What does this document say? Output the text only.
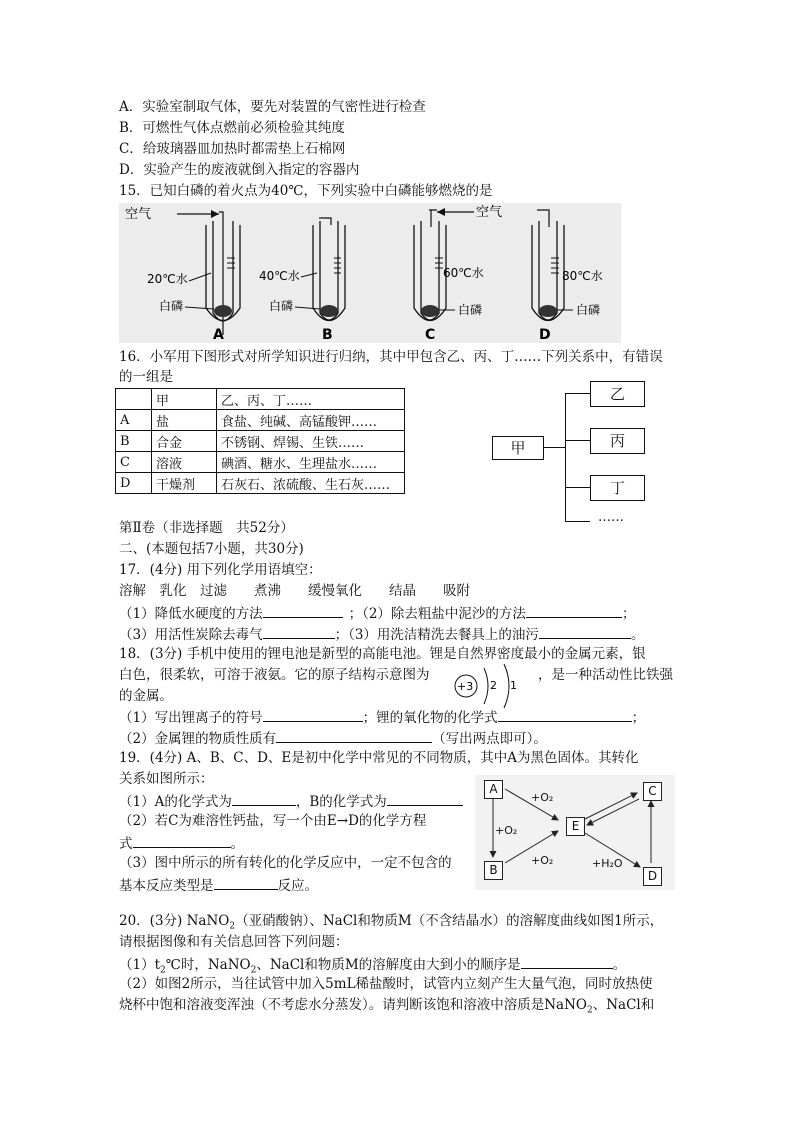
A．实验室制取气体，要先对装置的气密性进行检查
B．可燃性气体点燃前必须检验其纯度
C．给玻璃器皿加热时都需垫上石棉网
D．实验产生的废液就倒入指定的容器内
15．已知白磷的着火点为40℃，下列实验中白磷能够燃烧的是
空气
20℃水
白磷
A
40℃水
白磷
B
空气
60℃水
白磷
C
80℃水
白磷
D
16．小军用下图形式对所学知识进行归纳，其中甲包含乙、丙、丁……下列关系中，有错误
的一组是
	甲	乙、丙、丁……
A	盐	食盐、纯碱、高锰酸钾……
B	合金	不锈钢、焊锡、生铁……
C	溶液	碘酒、糖水、生理盐水……
D	干燥剂	石灰石、浓硫酸、生石灰……
甲
乙
丙
丁
……
第Ⅱ卷（非选择题　共52分）
二、(本题包括7小题，共30分)
17．(4分) 用下列化学用语填空：
溶解　乳化　过滤　　煮沸　　缓慢氧化　　结晶　　吸附
（1）降低水硬度的方法	；（2）除去粗盐中泥沙的方法	；
（3）用活性炭除去毒气	；（3）用洗洁精洗去餐具上的油污	。
18．(3分) 手机中使用的锂电池是新型的高能电池。锂是自然界密度最小的金属元素，银
白色，很柔软，可溶于液氨。它的原子结构示意图为	，是一种活动性比铁强
的金属。
+3 2 1
（1）写出锂离子的符号	；锂的氧化物的化学式	；
（2）金属锂的物质性质有	（写出两点即可）。
19．(4分) A、B、C、D、E是初中化学中常见的不同物质，其中A为黑色固体。其转化
关系如图所示：
（1）A的化学式为	，B的化学式为
（2）若C为难溶性钙盐，写一个由E→D的化学方程
式	。
（3）图中所示的所有转化的化学反应中，一定不包含的
基本反应类型是	反应。
A
B
C
D
E
+O₂
+O₂
+O₂	+H₂O
20．(3分) NaNO$_2$（亚硝酸钠）、NaCl和物质M（不含结晶水）的溶解度曲线如图1所示，
请根据图像和有关信息回答下列问题：
$(1)t_2℃$时，NaNO$_2$、NaCl和物质M的溶解度由大到小的顺序是	。
（2）如图2所示，当往试管中加入5mL稀盐酸时，试管内立刻产生大量气泡，同时放热使
烧杯中饱和溶液变浑浊（不考虑水分蒸发）。请判断该饱和溶液中溶质是NaNO$_2$、NaCl和
